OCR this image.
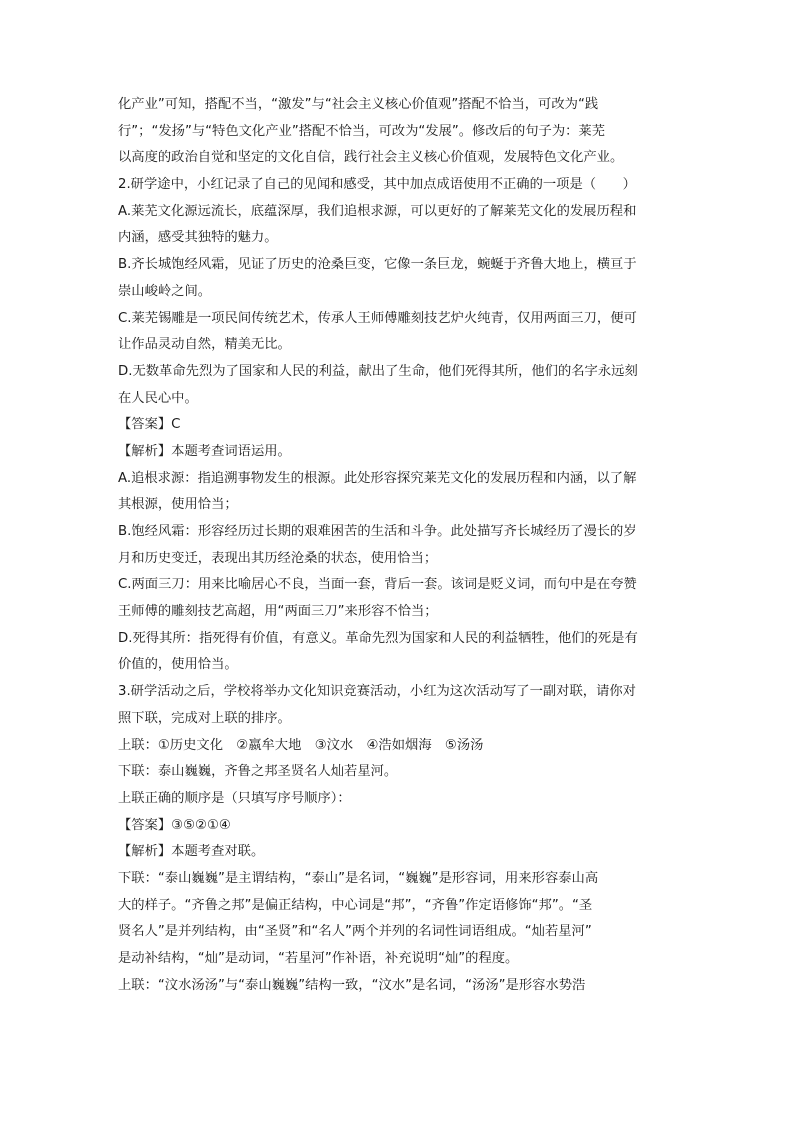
化产业”可知，搭配不当，“激发”与“社会主义核心价值观”搭配不恰当，可改为“践
行”；“发扬”与“特色文化产业”搭配不恰当，可改为“发展”。修改后的句子为：莱芜
以高度的政治自觉和坚定的文化自信，践行社会主义核心价值观，发展特色文化产业。
2.研学途中，小红记录了自己的见闻和感受，其中加点成语使用不正确的一项是（　　）
A.莱芜文化源远流长，底蕴深厚，我们追根求源，可以更好的了解莱芜文化的发展历程和
内涵，感受其独特的魅力。
B.齐长城饱经风霜，见证了历史的沧桑巨变，它像一条巨龙，蜿蜒于齐鲁大地上，横亘于
崇山峻岭之间。
C.莱芜锡雕是一项民间传统艺术，传承人王师傅雕刻技艺炉火纯青，仅用两面三刀，便可
让作品灵动自然，精美无比。
D.无数革命先烈为了国家和人民的利益，献出了生命，他们死得其所，他们的名字永远刻
在人民心中。
【答案】C
【解析】本题考查词语运用。
A.追根求源：指追溯事物发生的根源。此处形容探究莱芜文化的发展历程和内涵，以了解
其根源，使用恰当；
B.饱经风霜：形容经历过长期的艰难困苦的生活和斗争。此处描写齐长城经历了漫长的岁
月和历史变迁，表现出其历经沧桑的状态，使用恰当；
C.两面三刀：用来比喻居心不良，当面一套，背后一套。该词是贬义词，而句中是在夸赞
王师傅的雕刻技艺高超，用“两面三刀”来形容不恰当；
D.死得其所：指死得有价值，有意义。革命先烈为国家和人民的利益牺牲，他们的死是有
价值的，使用恰当。
3.研学活动之后，学校将举办文化知识竞赛活动，小红为这次活动写了一副对联，请你对
照下联，完成对上联的排序。
上联：①历史文化　②嬴牟大地　③汶水　④浩如烟海　⑤汤汤
下联：泰山巍巍，齐鲁之邦圣贤名人灿若星河。
上联正确的顺序是（只填写序号顺序）：
【答案】③⑤②①④
【解析】本题考查对联。
下联：“泰山巍巍”是主谓结构，“泰山”是名词，“巍巍”是形容词，用来形容泰山高
大的样子。“齐鲁之邦”是偏正结构，中心词是“邦”，“齐鲁”作定语修饰“邦”。“圣
贤名人”是并列结构，由“圣贤”和“名人”两个并列的名词性词语组成。“灿若星河”
是动补结构，“灿”是动词，“若星河”作补语，补充说明“灿”的程度。
上联：“汶水汤汤”与“泰山巍巍”结构一致，“汶水”是名词，“汤汤”是形容水势浩
